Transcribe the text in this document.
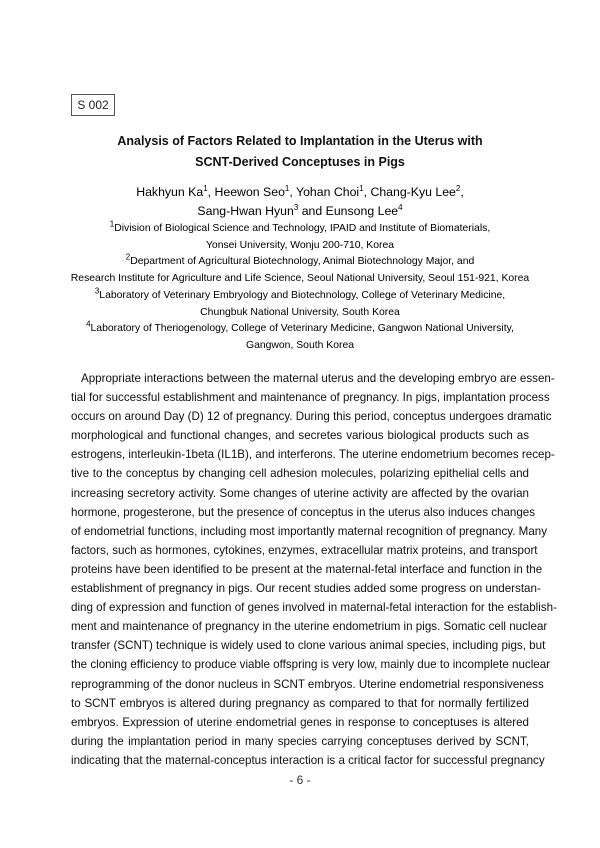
S 002
Analysis of Factors Related to Implantation in the Uterus with
SCNT-Derived Conceptuses in Pigs
Hakhyun Ka$^1$, Heewon Seo$^1$, Yohan Choi$^1$, Chang-Kyu Lee$^2$,
Sang-Hwan Hyun$^3$ and Eunsong Lee$^4$
$^1$Division of Biological Science and Technology, IPAID and Institute of Biomaterials,
Yonsei University, Wonju 200-710, Korea
$^2$Department of Agricultural Biotechnology, Animal Biotechnology Major, and
Research Institute for Agriculture and Life Science, Seoul National University, Seoul 151-921, Korea
$^3$Laboratory of Veterinary Embryology and Biotechnology, College of Veterinary Medicine,
Chungbuk National University, South Korea
$^4$Laboratory of Theriogenology, College of Veterinary Medicine, Gangwon National University,
Gangwon, South Korea
Appropriate interactions between the maternal uterus and the developing embryo are essen-
tial for successful establishment and maintenance of pregnancy. In pigs, implantation process
occurs on around Day (D) 12 of pregnancy. During this period, conceptus undergoes dramatic
morphological and functional changes, and secretes various biological products such as
estrogens, interleukin-1beta (IL1B), and interferons. The uterine endometrium becomes recep-
tive to the conceptus by changing cell adhesion molecules, polarizing epithelial cells and
increasing secretory activity. Some changes of uterine activity are affected by the ovarian
hormone, progesterone, but the presence of conceptus in the uterus also induces changes
of endometrial functions, including most importantly maternal recognition of pregnancy. Many
factors, such as hormones, cytokines, enzymes, extracellular matrix proteins, and transport
proteins have been identified to be present at the maternal-fetal interface and function in the
establishment of pregnancy in pigs. Our recent studies added some progress on understan-
ding of expression and function of genes involved in maternal-fetal interaction for the establish-
ment and maintenance of pregnancy in the uterine endometrium in pigs. Somatic cell nuclear
transfer (SCNT) technique is widely used to clone various animal species, including pigs, but
the cloning efficiency to produce viable offspring is very low, mainly due to incomplete nuclear
reprogramming of the donor nucleus in SCNT embryos. Uterine endometrial responsiveness
to SCNT embryos is altered during pregnancy as compared to that for normally fertilized
embryos. Expression of uterine endometrial genes in response to conceptuses is altered
during the implantation period in many species carrying conceptuses derived by SCNT,
indicating that the maternal-conceptus interaction is a critical factor for successful pregnancy
- 6 -
